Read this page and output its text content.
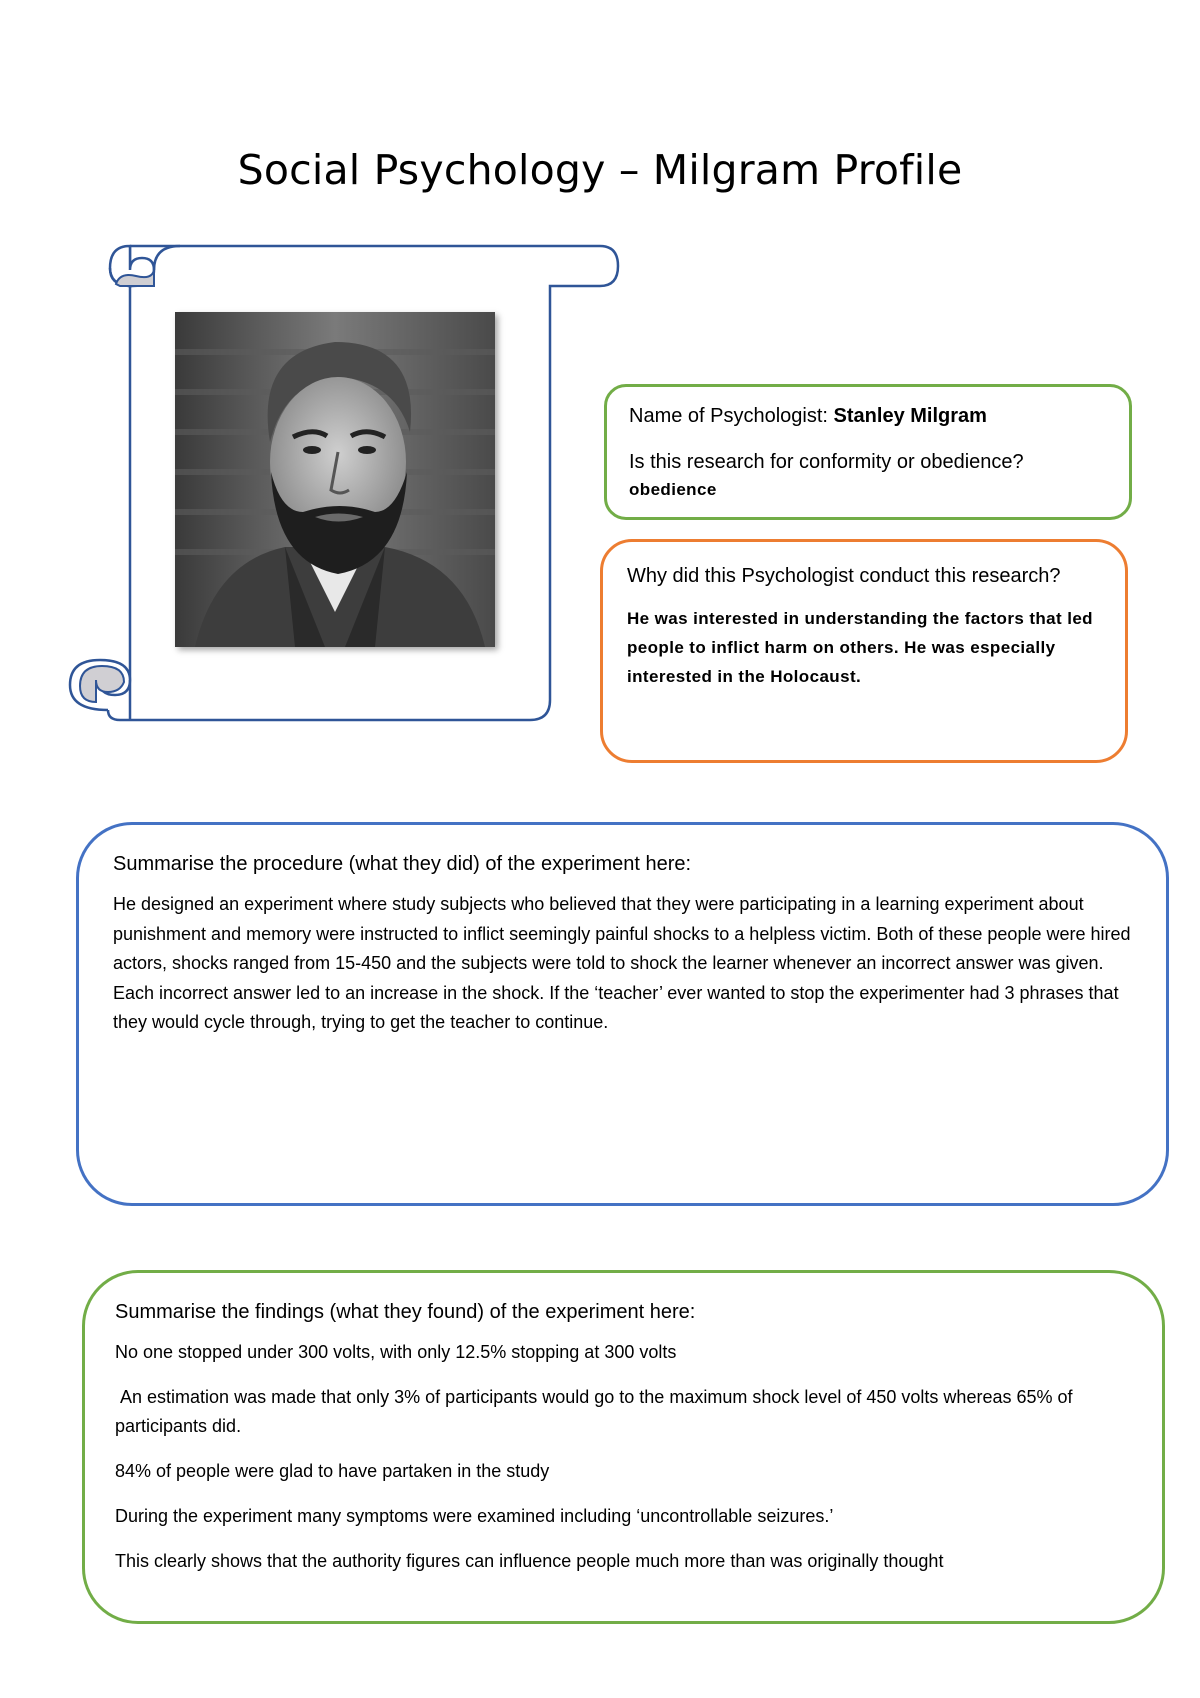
Social Psychology – Milgram Profile
Name of Psychologist: Stanley Milgram
Is this research for conformity or obedience?
obedience
Why did this Psychologist conduct this research?
He was interested in understanding the factors that led people to inflict harm on others. He was especially interested in the Holocaust.
Summarise the procedure (what they did) of the experiment here:
He designed an experiment where study subjects who believed that they were participating in a learning experiment about punishment and memory were instructed to inflict seemingly painful shocks to a helpless victim. Both of these people were hired actors, shocks ranged from 15-450 and the subjects were told to shock the learner whenever an incorrect answer was given. Each incorrect answer led to an increase in the shock. If the ‘teacher’ ever wanted to stop the experimenter had 3 phrases that they would cycle through, trying to get the teacher to continue.
Summarise the findings (what they found) of the experiment here:
No one stopped under 300 volts, with only 12.5% stopping at 300 volts
An estimation was made that only 3% of participants would go to the maximum shock level of 450 volts whereas 65% of participants did.
84% of people were glad to have partaken in the study
During the experiment many symptoms were examined including ‘uncontrollable seizures.’
This clearly shows that the authority figures can influence people much more than was originally thought
